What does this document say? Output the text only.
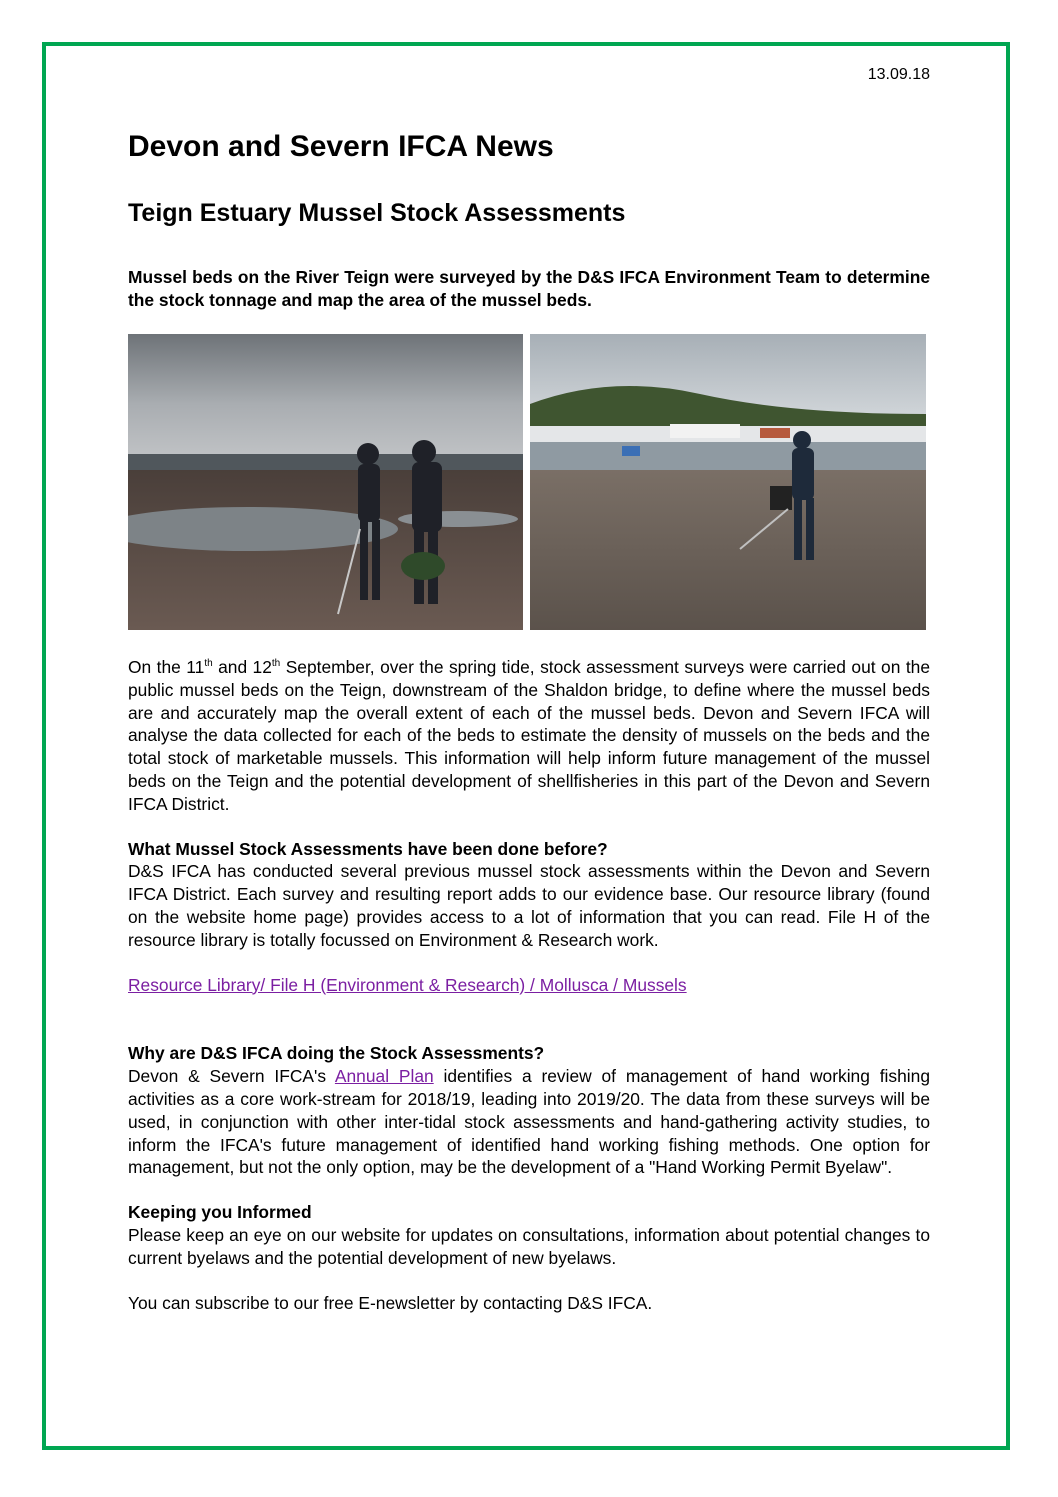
13.09.18
Devon and Severn IFCA News
Teign Estuary Mussel Stock Assessments
Mussel beds on the River Teign were surveyed by the D&S IFCA Environment Team to determine the stock tonnage and map the area of the mussel beds.

On the 11th and 12th September, over the spring tide, stock assessment surveys were carried out on the public mussel beds on the Teign, downstream of the Shaldon bridge, to define where the mussel beds are and accurately map the overall extent of each of the mussel beds. Devon and Severn IFCA will analyse the data collected for each of the beds to estimate the density of mussels on the beds and the total stock of marketable mussels. This information will help inform future management of the mussel beds on the Teign and the potential development of shellfisheries in this part of the Devon and Severn IFCA District.

What Mussel Stock Assessments have been done before?

D&S IFCA has conducted several previous mussel stock assessments within the Devon and Severn IFCA District. Each survey and resulting report adds to our evidence base. Our resource library (found on the website home page) provides access to a lot of information that you can read. File H of the resource library is totally focussed on Environment & Research work.

Resource Library/ File H (Environment & Research) / Mollusca / Mussels
Why are D&S IFCA doing the Stock Assessments?

Devon & Severn IFCA's Annual Plan identifies a review of management of hand working fishing activities as a core work-stream for 2018/19, leading into 2019/20. The data from these surveys will be used, in conjunction with other inter-tidal stock assessments and hand-gathering activity studies, to inform the IFCA's future management of identified hand working fishing methods. One option for management, but not the only option, may be the development of a "Hand Working Permit Byelaw".

Keeping you Informed

Please keep an eye on our website for updates on consultations, information about potential changes to current byelaws and the potential development of new byelaws.

You can subscribe to our free E-newsletter by contacting D&S IFCA.
